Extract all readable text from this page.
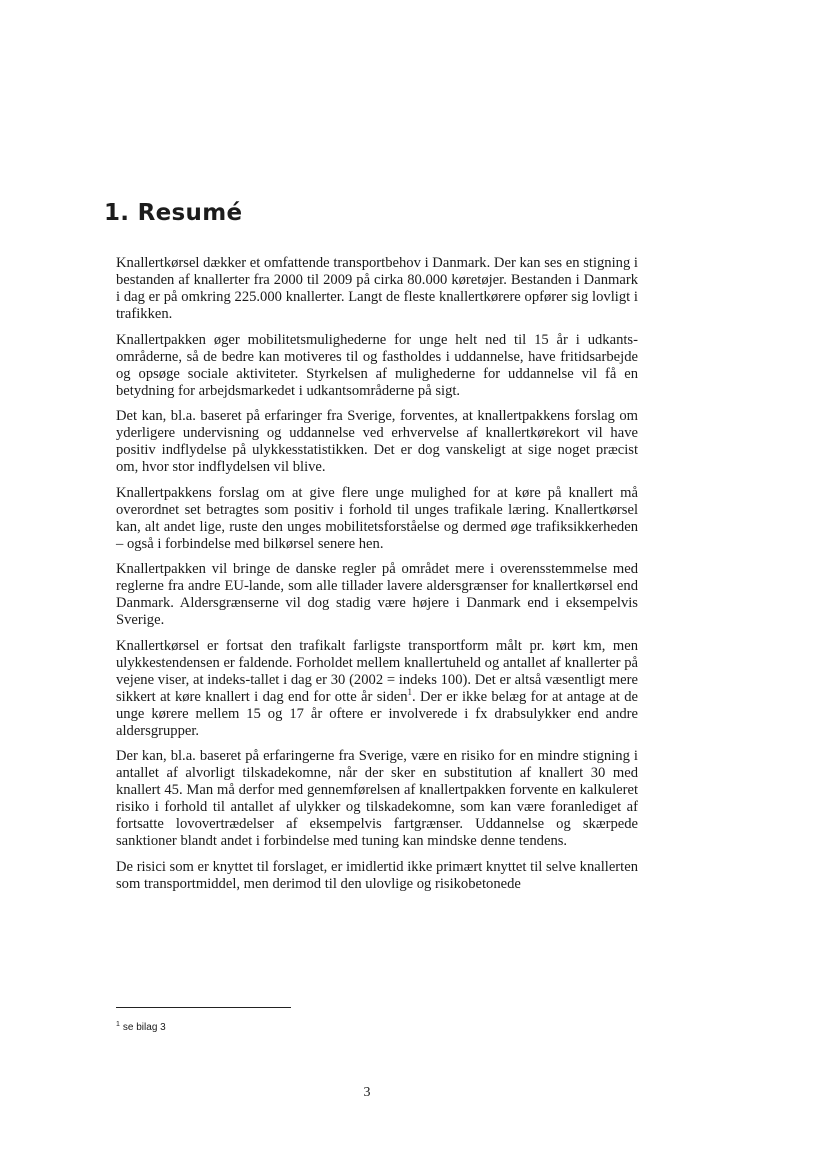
1. Resumé

Knallertkørsel dækker et omfattende transportbehov i Danmark. Der kan ses en stigning i bestanden af knallerter fra 2000 til 2009 på cirka 80.000 køretøjer. Bestanden i Danmark i dag er på omkring 225.000 knallerter. Langt de fleste knallertkørere opfører sig lovligt i trafikken.

Knallertpakken øger mobilitetsmulighederne for unge helt ned til 15 år i udkantsområderne, så de bedre kan motiveres til og fastholdes i uddannelse, have fritidsarbejde og opsøge sociale aktiviteter. Styrkelsen af mulighederne for uddannelse vil få en betydning for arbejdsmarkedet i udkantsområderne på sigt.

Det kan, bl.a. baseret på erfaringer fra Sverige, forventes, at knallertpakkens forslag om yderligere undervisning og uddannelse ved erhvervelse af knallertkørekort vil have positiv indflydelse på ulykkesstatistikken. Det er dog vanskeligt at sige noget præcist om, hvor stor indflydelsen vil blive.

Knallertpakkens forslag om at give flere unge mulighed for at køre på knallert må overordnet set betragtes som positiv i forhold til unges trafikale læring. Knallertkørsel kan, alt andet lige, ruste den unges mobilitetsforståelse og dermed øge trafiksikkerheden – også i forbindelse med bilkørsel senere hen.

Knallertpakken vil bringe de danske regler på området mere i overensstemmelse med reglerne fra andre EU-lande, som alle tillader lavere aldersgrænser for knallertkørsel end Danmark. Aldersgrænserne vil dog stadig være højere i Danmark end i eksempelvis Sverige.

Knallertkørsel er fortsat den trafikalt farligste transportform målt pr. kørt km, men ulykkestendensen er faldende. Forholdet mellem knallertuheld og antallet af knallerter på vejene viser, at indeks-tallet i dag er 30 (2002 = indeks 100). Det er altså væsentligt mere sikkert at køre knallert i dag end for otte år siden$^1$. Der er ikke belæg for at antage at de unge kørere mellem 15 og 17 år oftere er involverede i fx drabsulykker end andre aldersgrupper.

Der kan, bl.a. baseret på erfaringerne fra Sverige, være en risiko for en mindre stigning i antallet af alvorligt tilskadekomne, når der sker en substitution af knallert 30 med knallert 45. Man må derfor med gennemførelsen af knallertpakken forvente en kalkuleret risiko i forhold til antallet af ulykker og tilskadekomne, som kan være foranlediget af fortsatte lovovertrædelser af eksempelvis fartgrænser. Uddannelse og skærpede sanktioner blandt andet i forbindelse med tuning kan mindske denne tendens.

De risici som er knyttet til forslaget, er imidlertid ikke primært knyttet til selve knallerten som transportmiddel, men derimod til den ulovlige og risikobetonede

$^1$ se bilag 3
3
